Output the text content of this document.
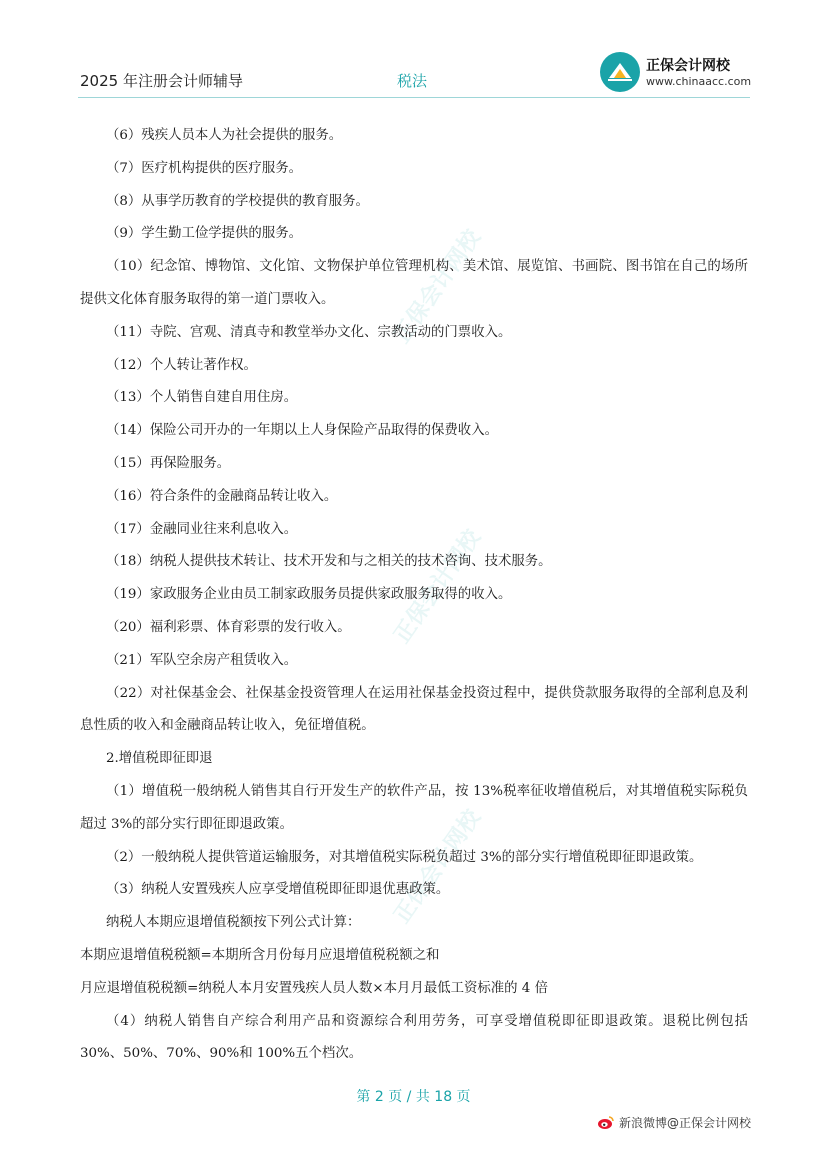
2025 年注册会计师辅导	税法
正保会计网校
www.chinaacc.com
正保会计网校
正保会计网校
正保会计网校

（6）残疾人员本人为社会提供的服务。

（7）医疗机构提供的医疗服务。

（8）从事学历教育的学校提供的教育服务。

（9）学生勤工俭学提供的服务。

（10）纪念馆、博物馆、文化馆、文物保护单位管理机构、美术馆、展览馆、书画院、图书馆在自己的场所提供文化体育服务取得的第一道门票收入。

（11）寺院、宫观、清真寺和教堂举办文化、宗教活动的门票收入。

（12）个人转让著作权。

（13）个人销售自建自用住房。

（14）保险公司开办的一年期以上人身保险产品取得的保费收入。

（15）再保险服务。

（16）符合条件的金融商品转让收入。

（17）金融同业往来利息收入。

（18）纳税人提供技术转让、技术开发和与之相关的技术咨询、技术服务。

（19）家政服务企业由员工制家政服务员提供家政服务取得的收入。

（20）福利彩票、体育彩票的发行收入。

（21）军队空余房产租赁收入。

（22）对社保基金会、社保基金投资管理人在运用社保基金投资过程中，提供贷款服务取得的全部利息及利息性质的收入和金融商品转让收入，免征增值税。

2.增值税即征即退

（1）增值税一般纳税人销售其自行开发生产的软件产品，按 13%税率征收增值税后，对其增值税实际税负超过 3%的部分实行即征即退政策。

（2）一般纳税人提供管道运输服务，对其增值税实际税负超过 3%的部分实行增值税即征即退政策。

（3）纳税人安置残疾人应享受增值税即征即退优惠政策。

纳税人本期应退增值税额按下列公式计算：

本期应退增值税税额=本期所含月份每月应退增值税税额之和

月应退增值税税额=纳税人本月安置残疾人员人数×本月月最低工资标准的 4 倍

（4）纳税人销售自产综合利用产品和资源综合利用劳务，可享受增值税即征即退政策。退税比例包括 30%、50%、70%、90%和 100%五个档次。

第 2 页 / 共 18 页
新浪微博@正保会计网校
